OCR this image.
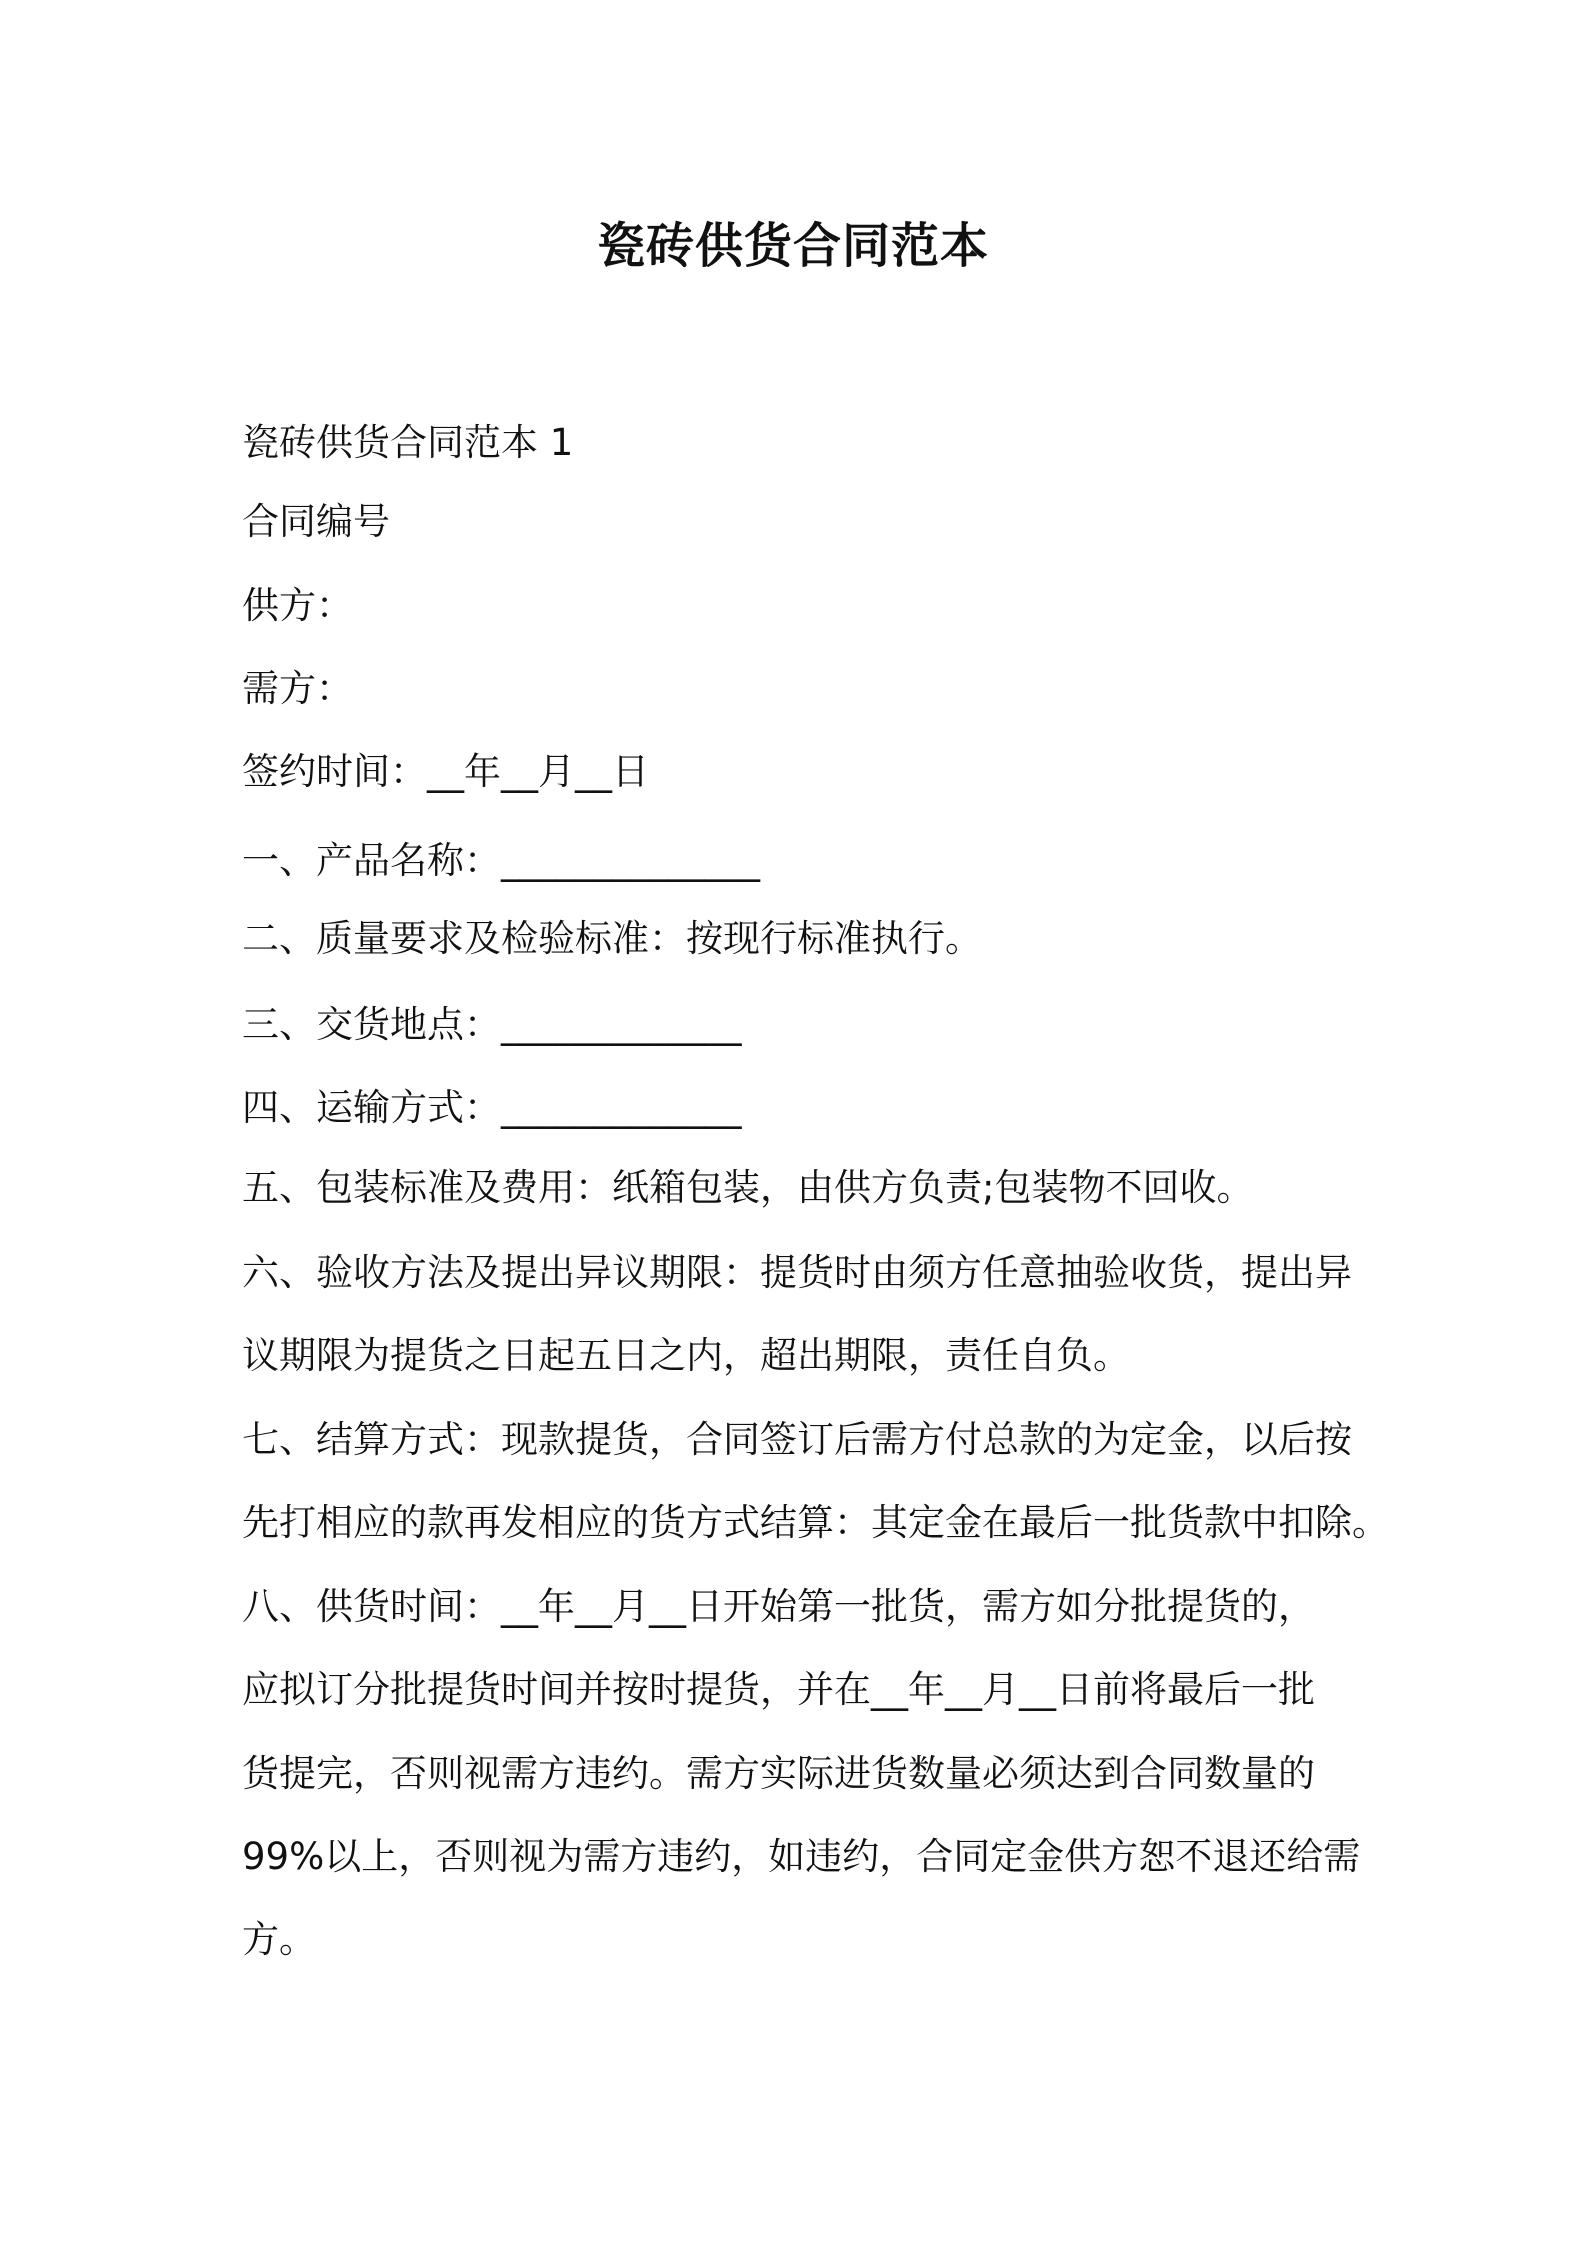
瓷砖供货合同范本
瓷砖供货合同范本 1
合同编号
供方：
需方：
签约时间：__年__月__日
一、产品名称：______________
二、质量要求及检验标准：按现行标准执行。
三、交货地点：_____________
四、运输方式：_____________
五、包装标准及费用：纸箱包装，由供方负责;包装物不回收。
六、验收方法及提出异议期限：提货时由须方任意抽验收货，提出异
议期限为提货之日起五日之内，超出期限，责任自负。
七、结算方式：现款提货，合同签订后需方付总款的为定金，以后按
先打相应的款再发相应的货方式结算：其定金在最后一批货款中扣除。
八、供货时间：__年__月__日开始第一批货，需方如分批提货的，
应拟订分批提货时间并按时提货，并在__年__月__日前将最后一批
货提完，否则视需方违约。需方实际进货数量必须达到合同数量的
99%以上，否则视为需方违约，如违约，合同定金供方恕不退还给需
方。
